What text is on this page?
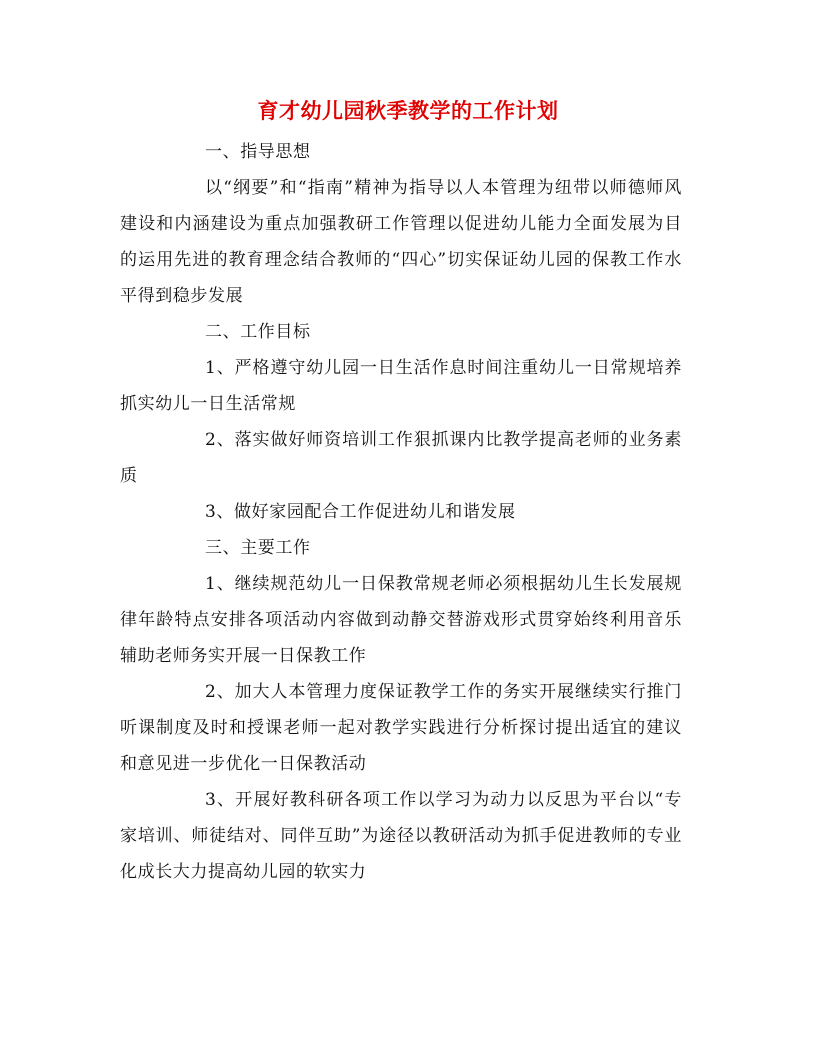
育才幼儿园秋季教学的工作计划

一、指导思想

以“纲要”和“指南”精神为指导以人本管理为纽带以师德师风建设和内涵建设为重点加强教研工作管理以促进幼儿能力全面发展为目的运用先进的教育理念结合教师的“四心”切实保证幼儿园的保教工作水平得到稳步发展

二、工作目标

1、严格遵守幼儿园一日生活作息时间注重幼儿一日常规培养抓实幼儿一日生活常规

2、落实做好师资培训工作狠抓课内比教学提高老师的业务素质

3、做好家园配合工作促进幼儿和谐发展

三、主要工作

1、继续规范幼儿一日保教常规老师必须根据幼儿生长发展规律年龄特点安排各项活动内容做到动静交替游戏形式贯穿始终利用音乐辅助老师务实开展一日保教工作

2、加大人本管理力度保证教学工作的务实开展继续实行推门听课制度及时和授课老师一起对教学实践进行分析探讨提出适宜的建议和意见进一步优化一日保教活动

3、开展好教科研各项工作以学习为动力以反思为平台以“专家培训、师徒结对、同伴互助”为途径以教研活动为抓手促进教师的专业化成长大力提高幼儿园的软实力
